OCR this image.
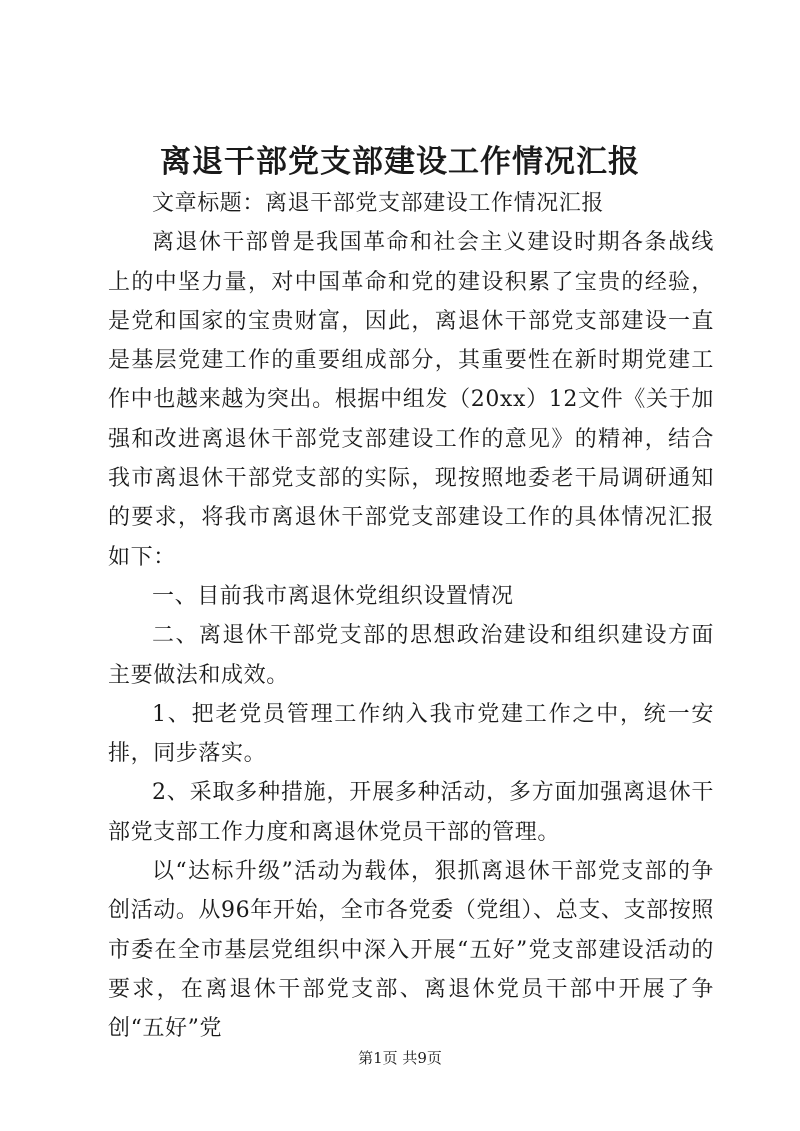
离退干部党支部建设工作情况汇报

文章标题：离退干部党支部建设工作情况汇报

离退休干部曾是我国革命和社会主义建设时期各条战线上的中坚力量，对中国革命和党的建设积累了宝贵的经验，是党和国家的宝贵财富，因此，离退休干部党支部建设一直是基层党建工作的重要组成部分，其重要性在新时期党建工作中也越来越为突出。根据中组发（20xx）12文件《关于加强和改进离退休干部党支部建设工作的意见》的精神，结合我市离退休干部党支部的实际，现按照地委老干局调研通知的要求，将我市离退休干部党支部建设工作的具体情况汇报如下：

一、目前我市离退休党组织设置情况

二、离退休干部党支部的思想政治建设和组织建设方面主要做法和成效。

1、把老党员管理工作纳入我市党建工作之中，统一安排，同步落实。

2、采取多种措施，开展多种活动，多方面加强离退休干部党支部工作力度和离退休党员干部的管理。

以“达标升级”活动为载体，狠抓离退休干部党支部的争创活动。从96年开始，全市各党委（党组）、总支、支部按照市委在全市基层党组织中深入开展“五好”党支部建设活动的要求，在离退休干部党支部、离退休党员干部中开展了争创“五好”党

第1页 共9页
